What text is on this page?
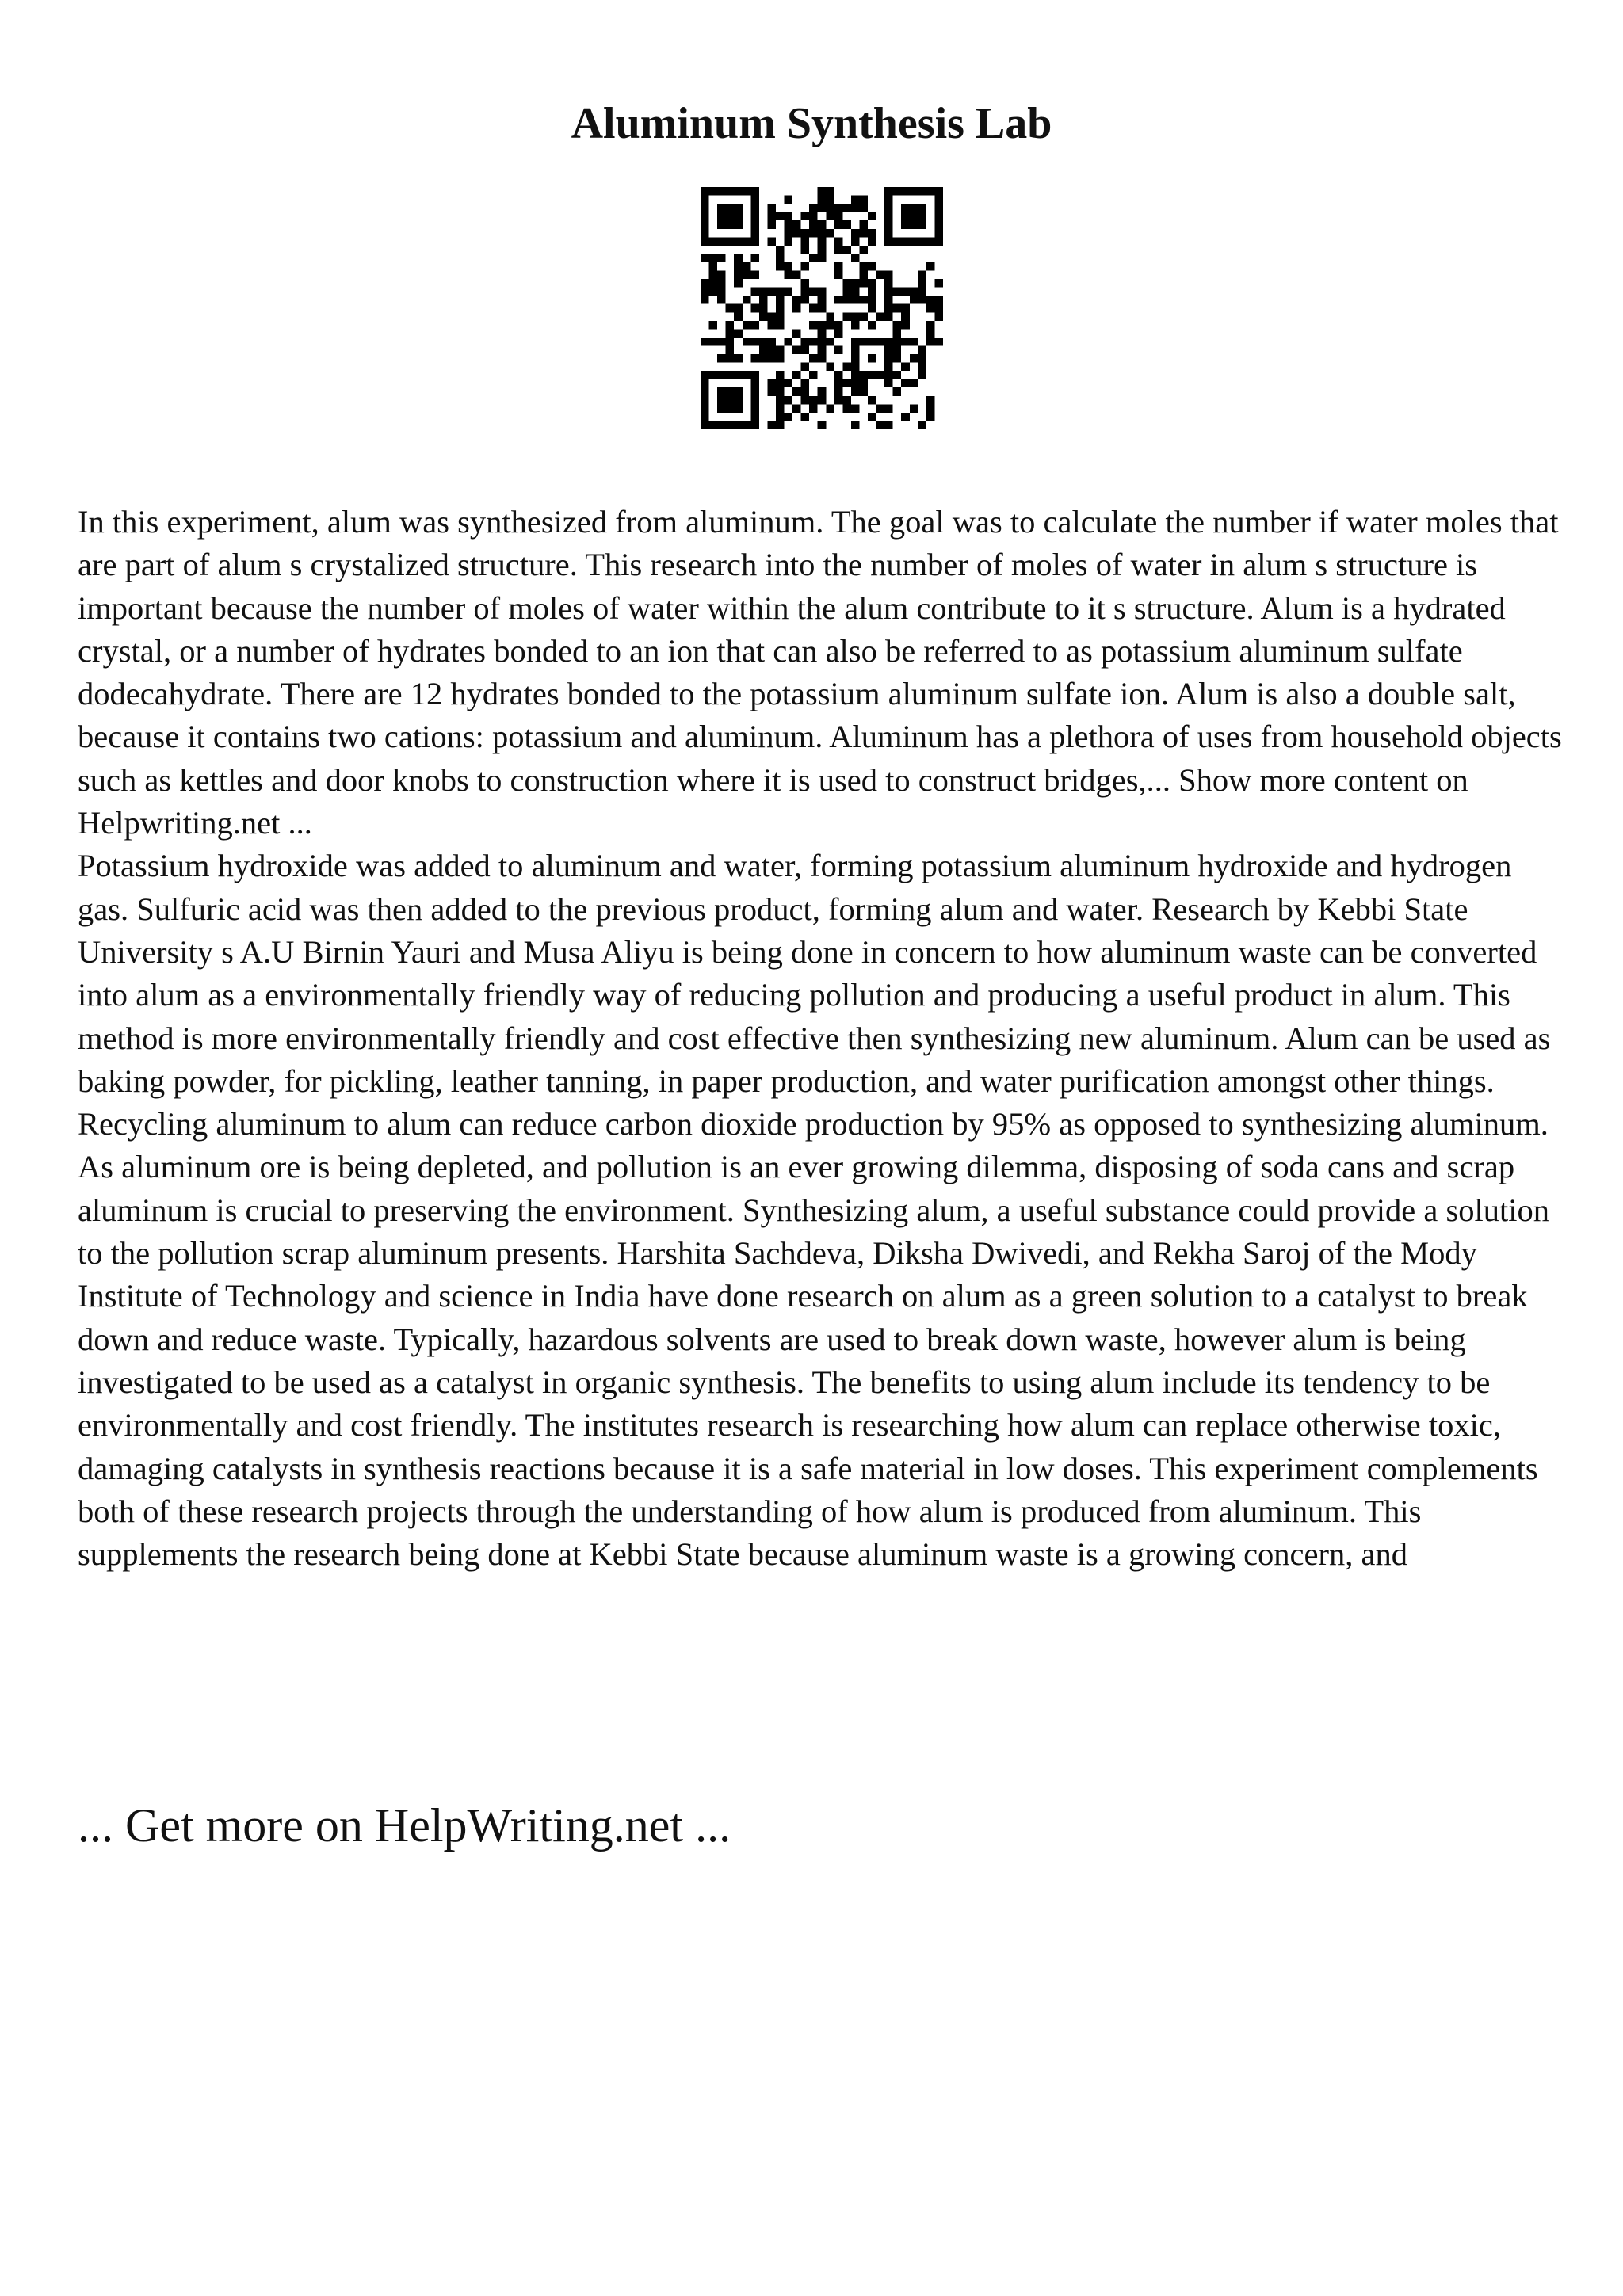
Aluminum Synthesis Lab

In this experiment, alum was synthesized from aluminum. The goal was to calculate the number if water moles that are part of alum s crystalized structure. This research into the number of moles of water in alum s structure is important because the number of moles of water within the alum contribute to it s structure. Alum is a hydrated crystal, or a number of hydrates bonded to an ion that can also be referred to as potassium aluminum sulfate dodecahydrate. There are 12 hydrates bonded to the potassium aluminum sulfate ion. Alum is also a double salt, because it contains two cations: potassium and aluminum. Aluminum has a plethora of uses from household objects such as kettles and door knobs to construction where it is used to construct bridges,... Show more content on Helpwriting.net ...

Potassium hydroxide was added to aluminum and water, forming potassium aluminum hydroxide and hydrogen gas. Sulfuric acid was then added to the previous product, forming alum and water. Research by Kebbi State University s A.U Birnin Yauri and Musa Aliyu is being done in concern to how aluminum waste can be converted into alum as a environmentally friendly way of reducing pollution and producing a useful product in alum. This method is more environmentally friendly and cost effective then synthesizing new aluminum. Alum can be used as baking powder, for pickling, leather tanning, in paper production, and water purification amongst other things. Recycling aluminum to alum can reduce carbon dioxide production by 95% as opposed to synthesizing aluminum. As aluminum ore is being depleted, and pollution is an ever growing dilemma, disposing of soda cans and scrap aluminum is crucial to preserving the environment. Synthesizing alum, a useful substance could provide a solution to the pollution scrap aluminum presents. Harshita Sachdeva, Diksha Dwivedi, and Rekha Saroj of the Mody Institute of Technology and science in India have done research on alum as a green solution to a catalyst to break down and reduce waste. Typically, hazardous solvents are used to break down waste, however alum is being investigated to be used as a catalyst in organic synthesis. The benefits to using alum include its tendency to be environmentally and cost friendly. The institutes research is researching how alum can replace otherwise toxic, damaging catalysts in synthesis reactions because it is a safe material in low doses. This experiment complements both of these research projects through the understanding of how alum is produced from aluminum. This supplements the research being done at Kebbi State because aluminum waste is a growing concern, and

... Get more on HelpWriting.net ...
